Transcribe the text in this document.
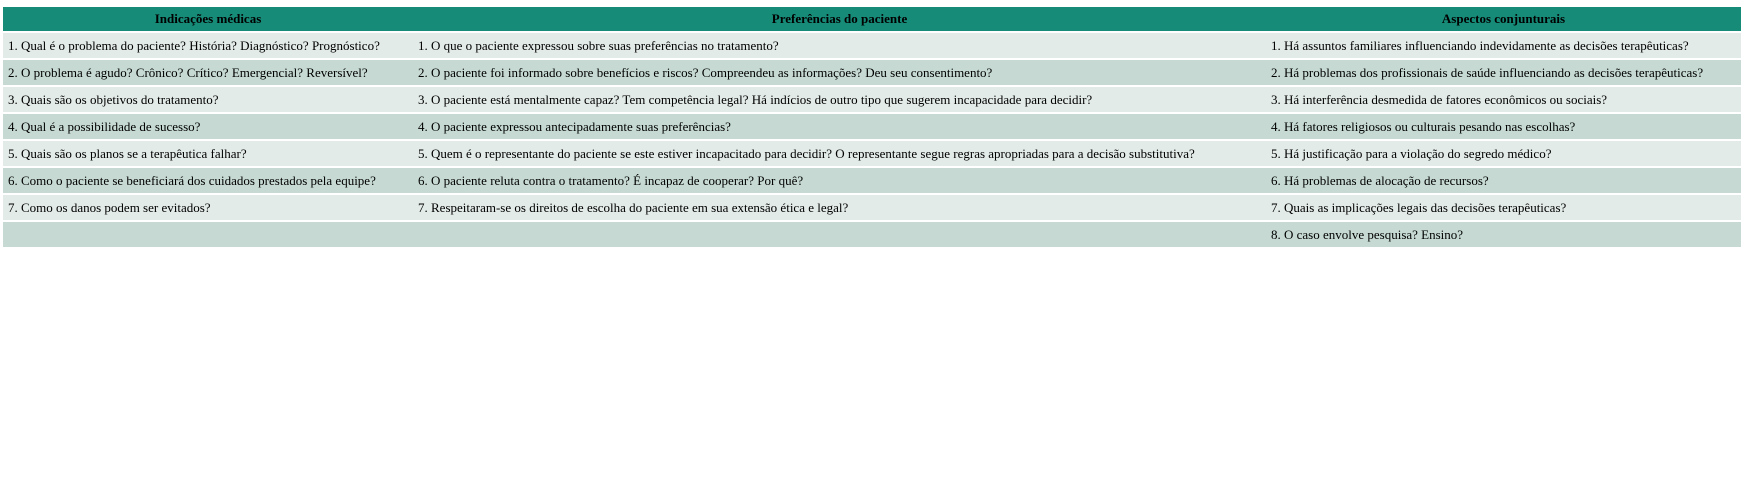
Indicações médicas	Preferências do paciente	Aspectos conjunturais
1. Qual é o problema do paciente? História? Diagnóstico? Prognóstico?	1. O que o paciente expressou sobre suas preferências no tratamento?	1. Há assuntos familiares influenciando indevidamente as decisões terapêuticas?
2. O problema é agudo? Crônico? Crítico? Emergencial? Reversível?	2. O paciente foi informado sobre benefícios e riscos? Compreendeu as informações? Deu seu consentimento?	2. Há problemas dos profissionais de saúde influenciando as decisões terapêuticas?
3. Quais são os objetivos do tratamento?	3. O paciente está mentalmente capaz? Tem competência legal? Há indícios de outro tipo que sugerem incapacidade para decidir?	3. Há interferência desmedida de fatores econômicos ou sociais?
4. Qual é a possibilidade de sucesso?	4. O paciente expressou antecipadamente suas preferências?	4. Há fatores religiosos ou culturais pesando nas escolhas?
5. Quais são os planos se a terapêutica falhar?	5. Quem é o representante do paciente se este estiver incapacitado para decidir? O representante segue regras apropriadas para a decisão substitutiva?	5. Há justificação para a violação do segredo médico?
6. Como o paciente se beneficiará dos cuidados prestados pela equipe?	6. O paciente reluta contra o tratamento? É incapaz de cooperar? Por quê?	6. Há problemas de alocação de recursos?
7. Como os danos podem ser evitados?	7. Respeitaram-se os direitos de escolha do paciente em sua extensão ética e legal?	7. Quais as implicações legais das decisões terapêuticas?
		8. O caso envolve pesquisa? Ensino?
